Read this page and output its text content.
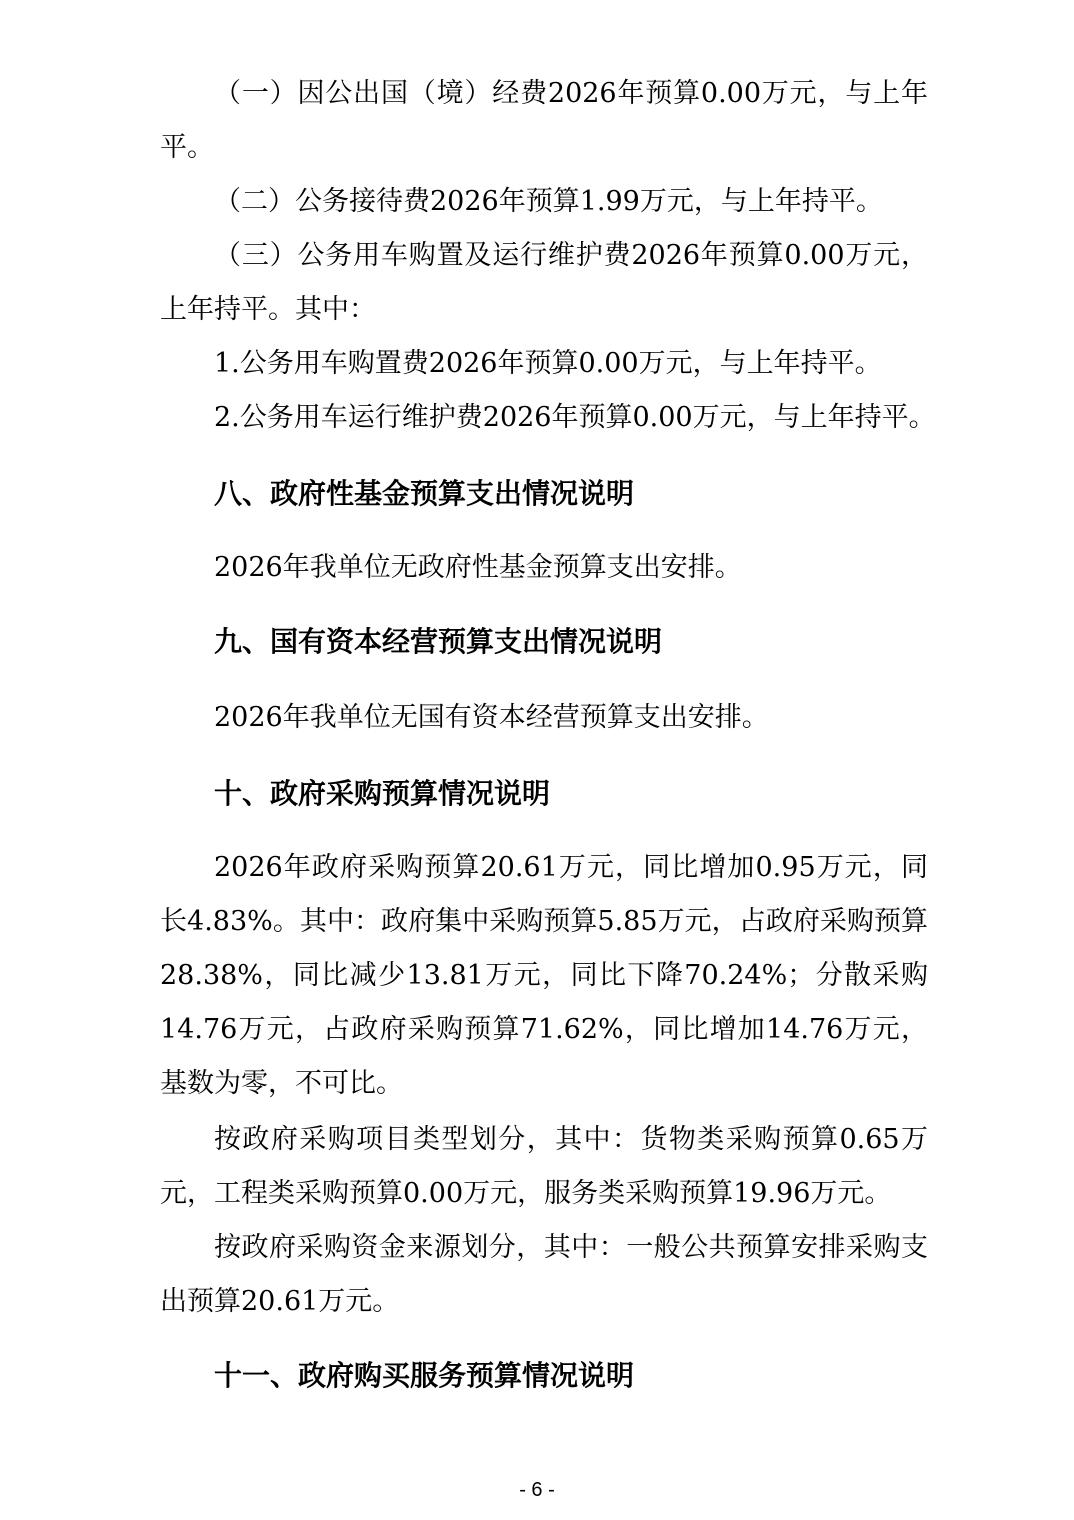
（一）因公出国（境）经费2026年预算0.00万元，与上年
平。
（二）公务接待费2026年预算1.99万元，与上年持平。
（三）公务用车购置及运行维护费2026年预算0.00万元，
上年持平。其中：
1.公务用车购置费2026年预算0.00万元，与上年持平。
2.公务用车运行维护费2026年预算0.00万元，与上年持平。
八、政府性基金预算支出情况说明
2026年我单位无政府性基金预算支出安排。
九、国有资本经营预算支出情况说明
2026年我单位无国有资本经营预算支出安排。
十、政府采购预算情况说明
2026年政府采购预算20.61万元，同比增加0.95万元，同
长4.83%。其中：政府集中采购预算5.85万元，占政府采购预算
28.38%，同比减少13.81万元，同比下降70.24%；分散采购
14.76万元，占政府采购预算71.62%，同比增加14.76万元，
基数为零，不可比。
按政府采购项目类型划分，其中：货物类采购预算0.65万
元，工程类采购预算0.00万元，服务类采购预算19.96万元。
按政府采购资金来源划分，其中：一般公共预算安排采购支
出预算20.61万元。
十一、政府购买服务预算情况说明
- 6 -
